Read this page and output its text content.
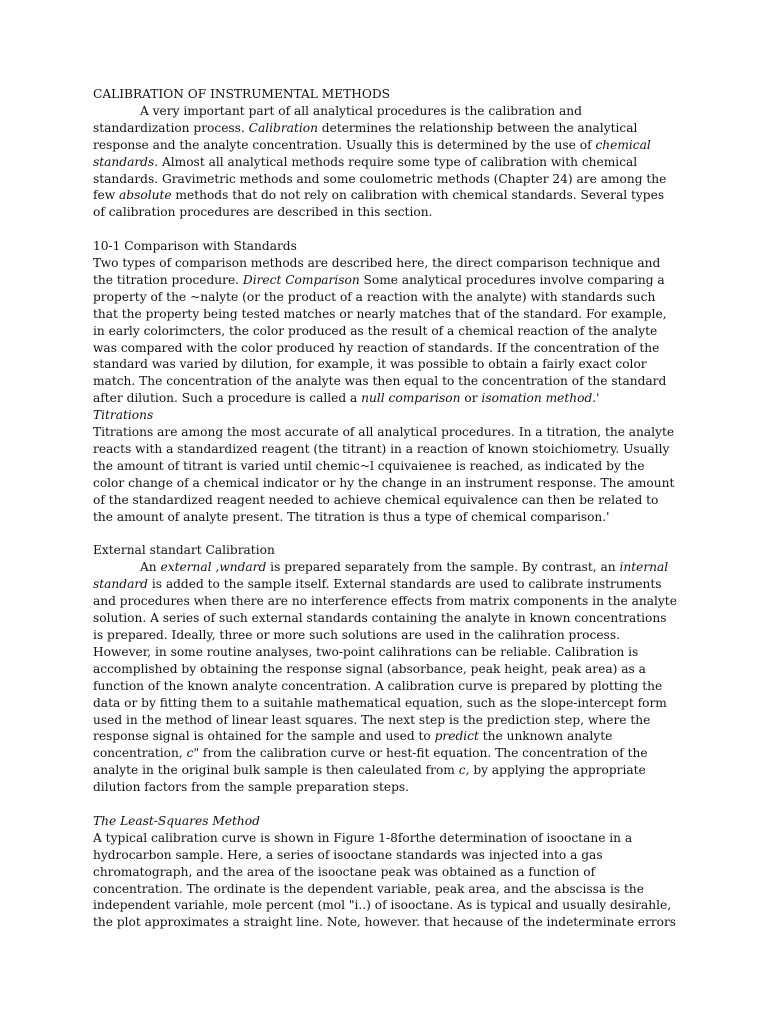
CALIBRATION OF INSTRUMENTAL METHODS

A very important part of all analytical procedures is the calibration and standardization process. Calibration determines the relationship between the analytical response and the analyte concentration. Usually this is determined by the use of chemical standards. Almost all analytical methods require some type of calibration with chemical standards. Gravimetric methods and some coulometric methods (Chapter 24) are among the few absolute methods that do not rely on calibration with chemical standards. Several types of calibration procedures are described in this section.

10-1 Comparison with Standards

Two types of comparison methods are described here, the direct comparison technique and the titration procedure. Direct Comparison Some analytical procedures involve comparing a property of the ~nalyte (or the product of a reaction with the analyte) with standards such that the property being tested matches or nearly matches that of the standard. For example, in early colorimcters, the color produced as the result of a chemical reaction of the analyte was compared with the color produced hy reaction of standards. If the concentration of the standard was varied by dilution, for example, it was possible to obtain a fairly exact color match. The concentration of the analyte was then equal to the concentration of the standard after dilution. Such a procedure is called a null comparison or isomation method.'

Titrations

Titrations are among the most accurate of all analytical procedures. In a titration, the analyte reacts with a standardized reagent (the titrant) in a reaction of known stoichiometry. Usually the amount of titrant is varied until chemic~l cquivaienee is reached, as indicated by the color change of a chemical indicator or hy the change in an instrument response. The amount of the standardized reagent needed to achieve chemical equivalence can then be related to the amount of analyte present. The titration is thus a type of chemical comparison.'

External standart Calibration

An external ,wndard is prepared separately from the sample. By contrast, an internal standard is added to the sample itself. External standards are used to calibrate instruments and procedures when there are no interference effects from matrix components in the analyte solution. A series of such external standards containing the analyte in known concentrations is prepared. Ideally, three or more such solutions are used in the calihration process. However, in some routine analyses, two-point calihrations can be reliable. Calibration is accomplished by obtaining the response signal (absorbance, peak height, peak area) as a

function of the known analyte concentration. A calibration curve is prepared by plotting the data or by fitting them to a suitahle mathematical equation, such as the slope-intercept form used in the method of linear least squares. The next step is the prediction step, where the response signal is ohtained for the sample and used to predict the unknown analyte concentration, c" from the calibration curve or hest-fit equation. The concentration of the analyte in the original bulk sample is then caleulated from c, by applying the appropriate dilution factors from the sample preparation steps.

The Least-Squares Method

A typical calibration curve is shown in Figure 1-8forthe determination of isooctane in a hydrocarbon sample. Here, a series of isooctane standards was injected into a gas chromatograph, and the area of the isooctane peak was obtained as a function of concentration. The ordinate is the dependent variable, peak area, and the abscissa is the independent variahle, mole percent (mol "i..) of isooctane. As is typical and usually desirahle, the plot approximates a straight line. Note, however. that hecause of the indeterminate errors
